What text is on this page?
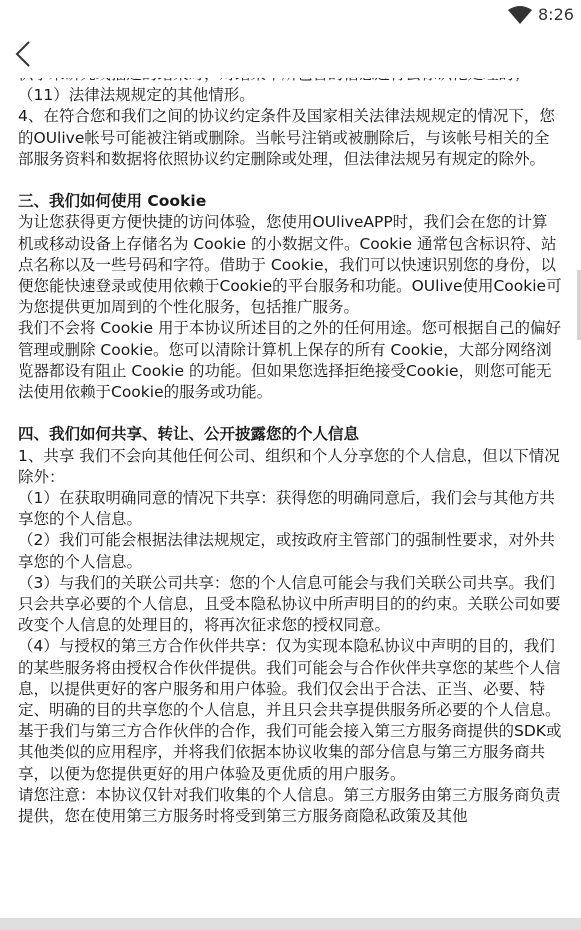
8:26

（11）法律法规规定的其他情形。

4、在符合您和我们之间的协议约定条件及国家相关法律法规规定的情况下，您的OUlive帐号可能被注销或删除。当帐号注销或被删除后，与该帐号相关的全部服务资料和数据将依照协议约定删除或处理，但法律法规另有规定的除外。

三、我们如何使用 Cookie

为让您获得更方便快捷的访问体验，您使用OUliveAPP时，我们会在您的计算机或移动设备上存储名为 Cookie 的小数据文件。Cookie 通常包含标识符、站点名称以及一些号码和字符。借助于 Cookie，我们可以快速识别您的身份，以便您能快速登录或使用依赖于Cookie的平台服务和功能。OUlive使用Cookie可为您提供更加周到的个性化服务，包括推广服务。

我们不会将 Cookie 用于本协议所述目的之外的任何用途。您可根据自己的偏好管理或删除 Cookie。您可以清除计算机上保存的所有 Cookie，大部分网络浏览器都设有阻止 Cookie 的功能。但如果您选择拒绝接受Cookie，则您可能无法使用依赖于Cookie的服务或功能。

四、我们如何共享、转让、公开披露您的个人信息

1、共享 我们不会向其他任何公司、组织和个人分享您的个人信息，但以下情况除外：

（1）在获取明确同意的情况下共享：获得您的明确同意后，我们会与其他方共享您的个人信息。

（2）我们可能会根据法律法规规定，或按政府主管部门的强制性要求，对外共享您的个人信息。

（3）与我们的关联公司共享：您的个人信息可能会与我们关联公司共享。我们只会共享必要的个人信息，且受本隐私协议中所声明目的的约束。关联公司如要改变个人信息的处理目的，将再次征求您的授权同意。

（4）与授权的第三方合作伙伴共享：仅为实现本隐私协议中声明的目的，我们的某些服务将由授权合作伙伴提供。我们可能会与合作伙伴共享您的某些个人信息，以提供更好的客户服务和用户体验。我们仅会出于合法、正当、必要、特定、明确的目的共享您的个人信息，并且只会共享提供服务所必要的个人信息。 基于我们与第三方合作伙伴的合作，我们可能会接入第三方服务商提供的SDK或其他类似的应用程序，并将我们依据本协议收集的部分信息与第三方服务商共享，以便为您提供更好的用户体验及更优质的用户服务。

请您注意：本协议仅针对我们收集的个人信息。第三方服务由第三方服务商负责提供，您在使用第三方服务时将受到第三方服务商隐私政策及其他
